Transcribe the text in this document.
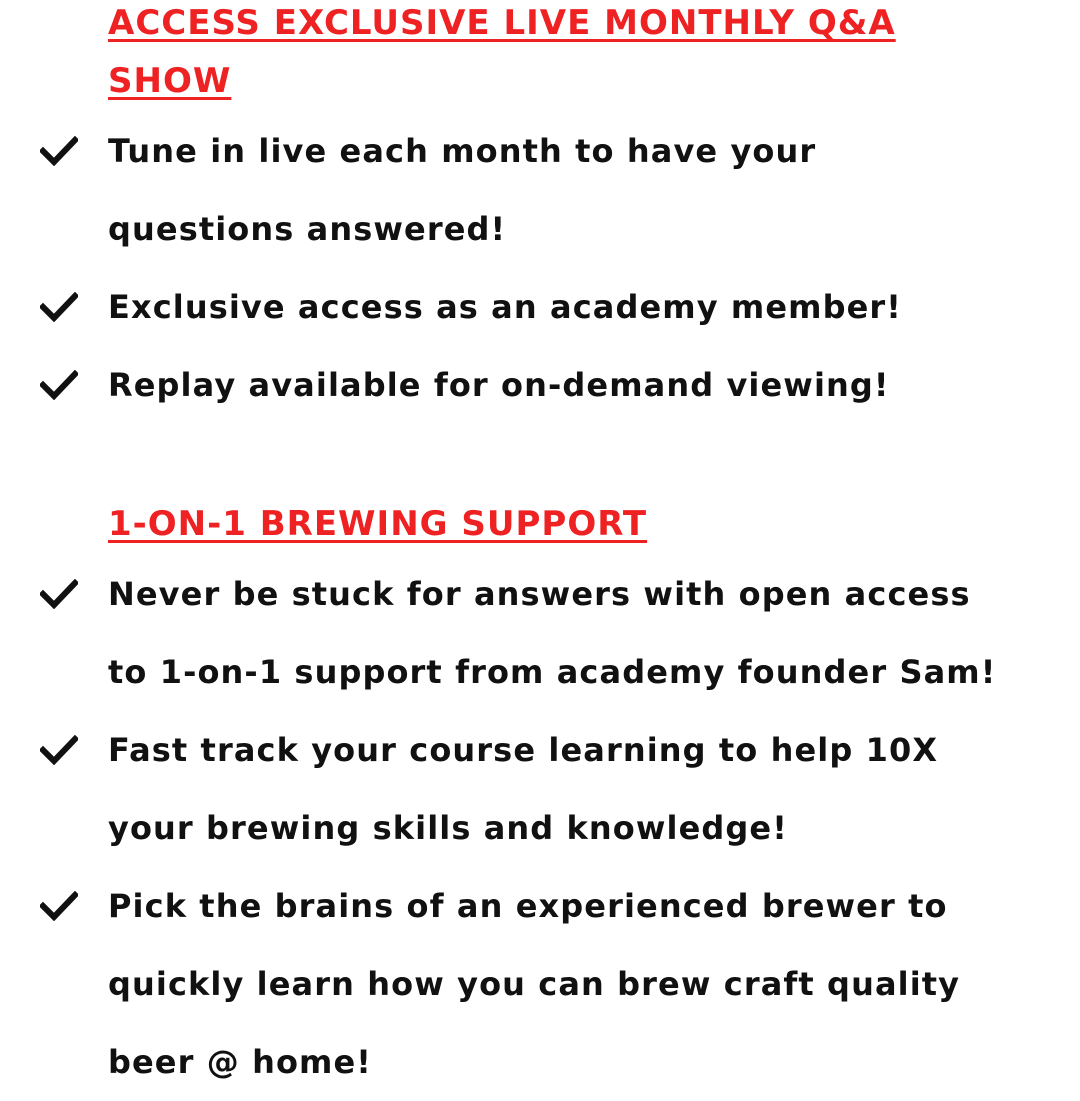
ACCESS EXCLUSIVE LIVE MONTHLY Q&A
SHOW

Tune in live each month to have your
questions answered!

Exclusive access as an academy member!

Replay available for on-demand viewing!

1-ON-1 BREWING SUPPORT

Never be stuck for answers with open access
to 1-on-1 support from academy founder Sam!

Fast track your course learning to help 10X
your brewing skills and knowledge!

Pick the brains of an experienced brewer to
quickly learn how you can brew craft quality
beer @ home!
